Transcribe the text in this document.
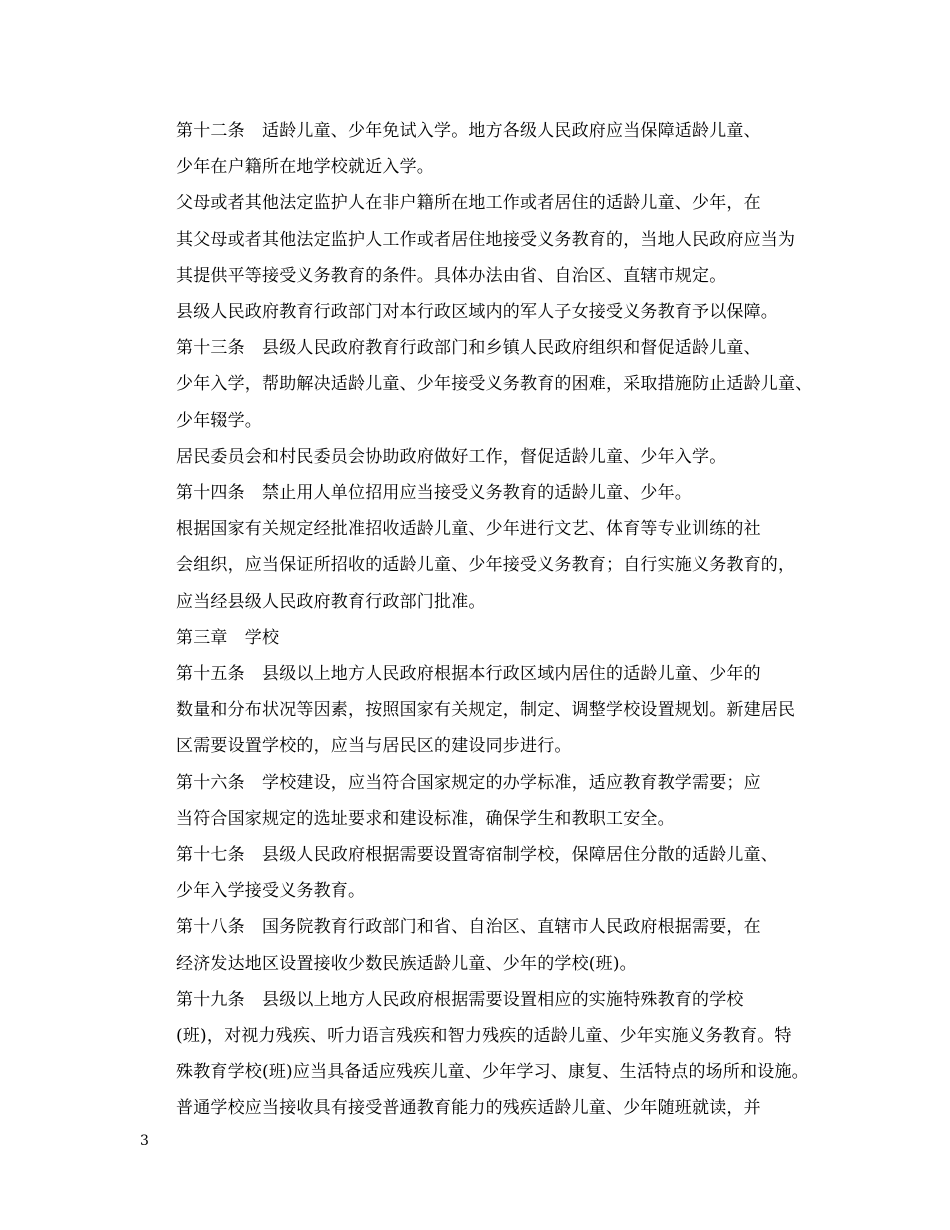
第十二条　适龄儿童、少年免试入学。地方各级人民政府应当保障适龄儿童、
少年在户籍所在地学校就近入学。

父母或者其他法定监护人在非户籍所在地工作或者居住的适龄儿童、少年，在
其父母或者其他法定监护人工作或者居住地接受义务教育的，当地人民政府应当为
其提供平等接受义务教育的条件。具体办法由省、自治区、直辖市规定。

县级人民政府教育行政部门对本行政区域内的军人子女接受义务教育予以保障。

第十三条　县级人民政府教育行政部门和乡镇人民政府组织和督促适龄儿童、
少年入学，帮助解决适龄儿童、少年接受义务教育的困难，采取措施防止适龄儿童、
少年辍学。

居民委员会和村民委员会协助政府做好工作，督促适龄儿童、少年入学。

第十四条　禁止用人单位招用应当接受义务教育的适龄儿童、少年。

根据国家有关规定经批准招收适龄儿童、少年进行文艺、体育等专业训练的社
会组织，应当保证所招收的适龄儿童、少年接受义务教育；自行实施义务教育的，
应当经县级人民政府教育行政部门批准。

第三章　学校

第十五条　县级以上地方人民政府根据本行政区域内居住的适龄儿童、少年的
数量和分布状况等因素，按照国家有关规定，制定、调整学校设置规划。新建居民
区需要设置学校的，应当与居民区的建设同步进行。

第十六条　学校建设，应当符合国家规定的办学标准，适应教育教学需要；应
当符合国家规定的选址要求和建设标准，确保学生和教职工安全。

第十七条　县级人民政府根据需要设置寄宿制学校，保障居住分散的适龄儿童、
少年入学接受义务教育。

第十八条　国务院教育行政部门和省、自治区、直辖市人民政府根据需要，在
经济发达地区设置接收少数民族适龄儿童、少年的学校(班)。

第十九条　县级以上地方人民政府根据需要设置相应的实施特殊教育的学校
(班)，对视力残疾、听力语言残疾和智力残疾的适龄儿童、少年实施义务教育。特
殊教育学校(班)应当具备适应残疾儿童、少年学习、康复、生活特点的场所和设施。

普通学校应当接收具有接受普通教育能力的残疾适龄儿童、少年随班就读，并

3
